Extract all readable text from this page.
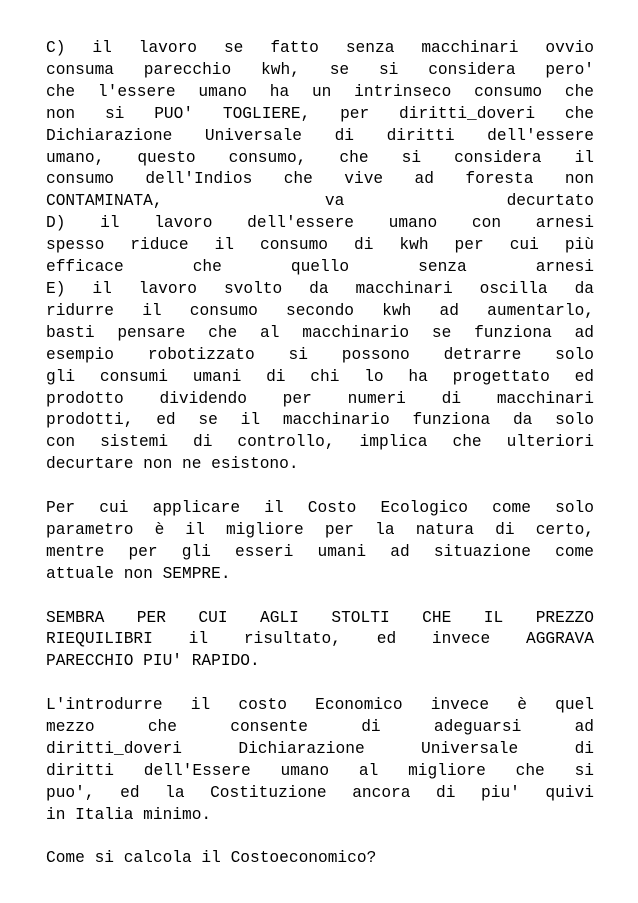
C) il lavoro se fatto senza macchinari ovvio
consuma parecchio kwh, se si considera pero'
che l'essere umano ha un intrinseco consumo che
non si PUO' TOGLIERE, per diritti_doveri che
Dichiarazione Universale di diritti dell'essere
umano, questo consumo, che si considera il
consumo dell'Indios che vive ad foresta non
CONTAMINATA, va decurtato
D) il lavoro dell'essere umano con arnesi
spesso riduce il consumo di kwh per cui più
efficace che quello senza arnesi
E) il lavoro svolto da macchinari oscilla da
ridurre il consumo secondo kwh ad aumentarlo,
basti pensare che al macchinario se funziona ad
esempio robotizzato si possono detrarre solo
gli consumi umani di chi lo ha progettato ed
prodotto dividendo per numeri di macchinari
prodotti, ed se il macchinario funziona da solo
con sistemi di controllo, implica che ulteriori
decurtare non ne esistono.

Per cui applicare il Costo Ecologico come solo
parametro è il migliore per la natura di certo,
mentre per gli esseri umani ad situazione come
attuale non SEMPRE.

SEMBRA PER CUI AGLI STOLTI CHE IL PREZZO
RIEQUILIBRI il risultato, ed invece AGGRAVA
PARECCHIO PIU' RAPIDO.

L'introdurre il costo Economico invece è quel
mezzo che consente di adeguarsi ad
diritti_doveri Dichiarazione Universale di
diritti dell'Essere umano al migliore che si
puo', ed la Costituzione ancora di piu' quivi
in Italia minimo.

Come si calcola il Costoeconomico?
